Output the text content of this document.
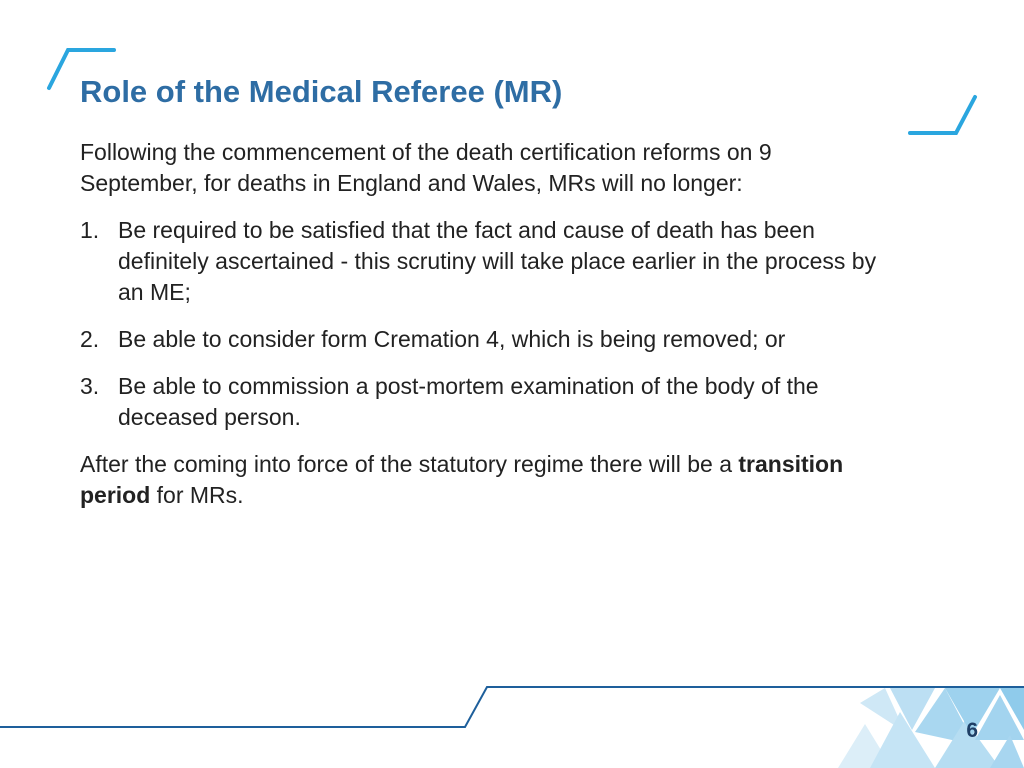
Role of the Medical Referee (MR)

Following the commencement of the death certification reforms on 9 September, for deaths in England and Wales, MRs will no longer:

1. Be required to be satisfied that the fact and cause of death has been definitely ascertained - this scrutiny will take place earlier in the process by an ME;
2. Be able to consider form Cremation 4, which is being removed; or
3. Be able to commission a post-mortem examination of the body of the deceased person.

After the coming into force of the statutory regime there will be a transition period for MRs.

6
